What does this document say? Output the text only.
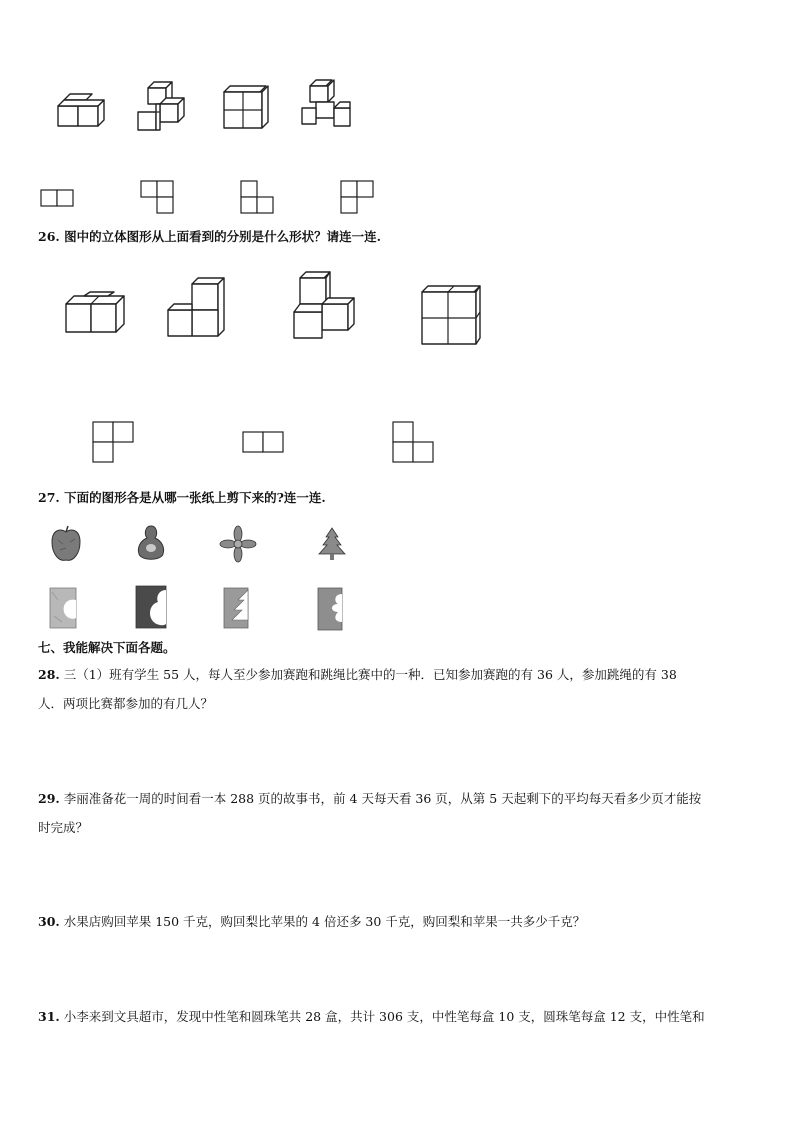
26. 图中的立体图形从上面看到的分别是什么形状？请连一连.
27. 下面的图形各是从哪一张纸上剪下来的?连一连.
七、我能解决下面各题。
28. 三（1）班有学生 55 人，每人至少参加赛跑和跳绳比赛中的一种．已知参加赛跑的有 36 人，参加跳绳的有 38
人．两项比赛都参加的有几人？
29. 李丽准备花一周的时间看一本 288 页的故事书，前 4 天每天看 36 页，从第 5 天起剩下的平均每天看多少页才能按
时完成？
30. 水果店购回苹果 150 千克，购回梨比苹果的 4 倍还多 30 千克，购回梨和苹果一共多少千克？
31. 小李来到文具超市，发现中性笔和圆珠笔共 28 盒，共计 306 支，中性笔每盒 10 支，圆珠笔每盒 12 支，中性笔和
